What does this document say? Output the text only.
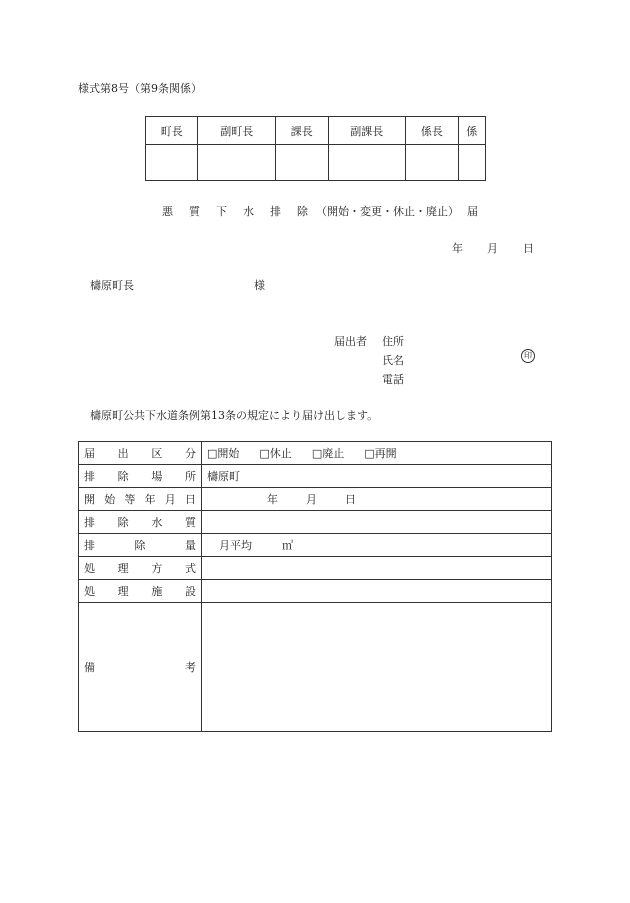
様式第8号（第9条関係）
町長	副町長	課長	副課長	係長	係

悪 質 下 水 排 除 （開始・変更・休止・廃止） 届
年 月 日
檮原町長	様
届出者 住所
氏名	印
電話
檮原町公共下水道条例第13条の規定により届け出します。
届出区分	□開始 □休止 □廃止 □再開
排除場所	檮原町
開始等年月日	年 月 日
排除水質	
排除量	月平均 ㎥
処理方式	
処理施設	
備考	
